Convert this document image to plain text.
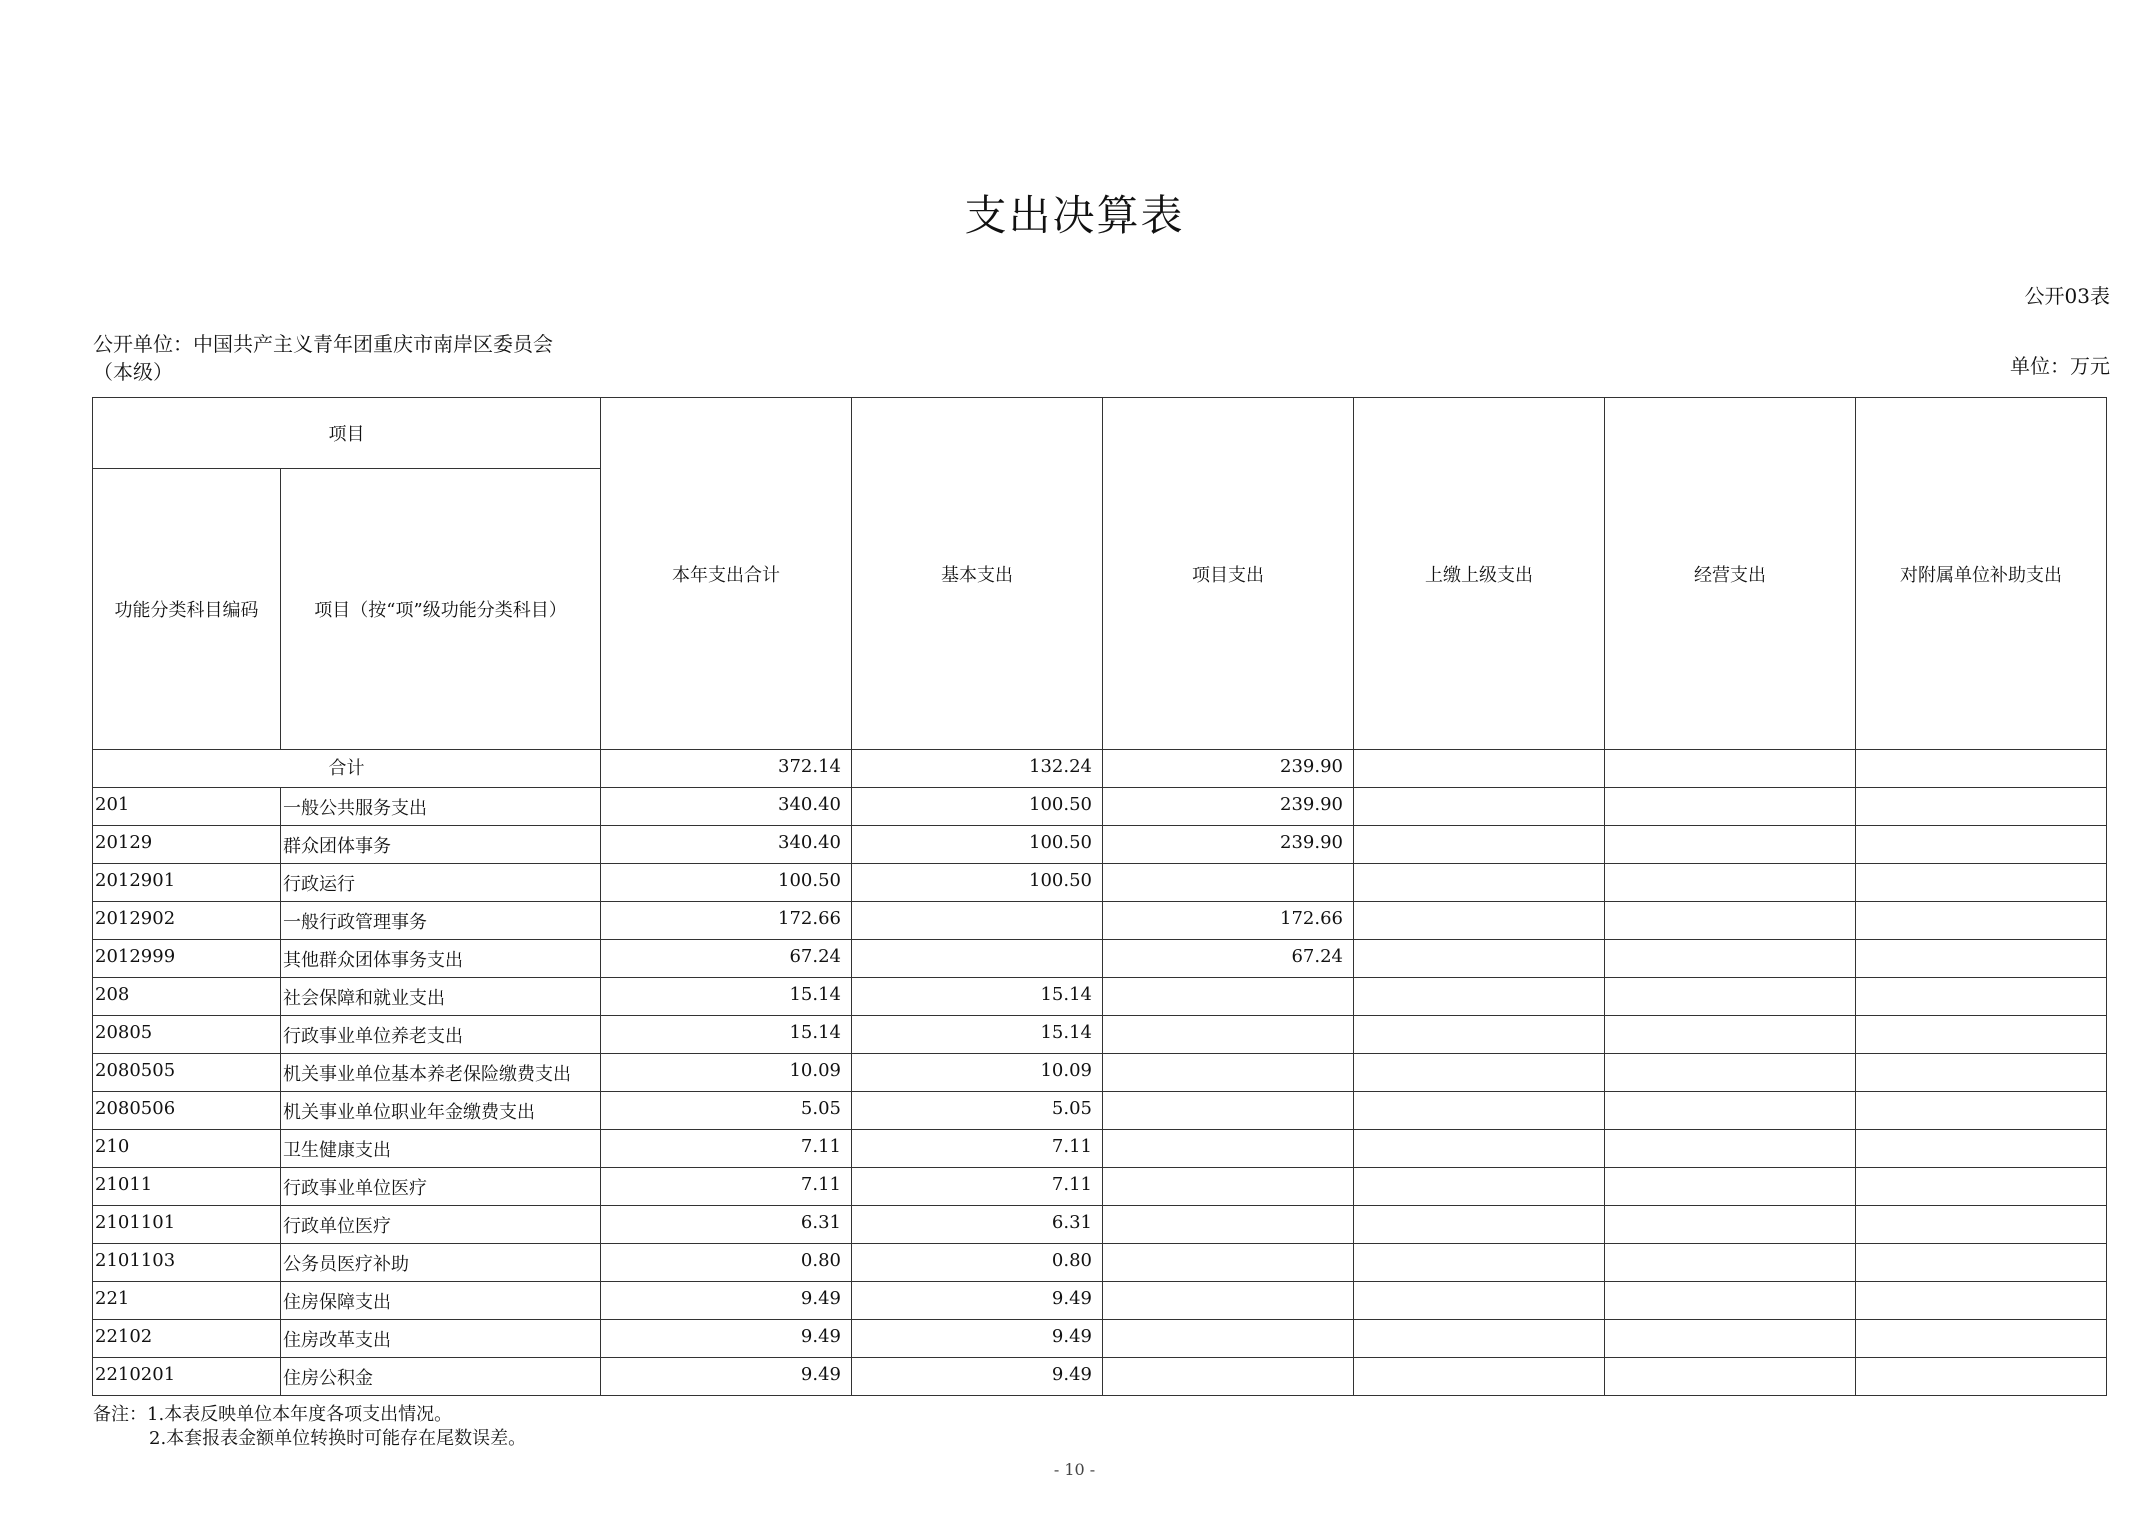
支出决算表
公开03表
公开单位：中国共产主义青年团重庆市南岸区委员会
（本级）	单位：万元
项目		本年支出合计	基本支出	项目支出	上缴上级支出	经营支出	对附属单位补助支出
功能分类科目编码	项目（按“项”级功能分类科目）						
合计		372.14	132.24	239.90			
201	一般公共服务支出	340.40	100.50	239.90			
20129	群众团体事务	340.40	100.50	239.90			
2012901	行政运行	100.50	100.50				
2012902	一般行政管理事务	172.66		172.66			
2012999	其他群众团体事务支出	67.24		67.24			
208	社会保障和就业支出	15.14	15.14				
20805	行政事业单位养老支出	15.14	15.14				
2080505	机关事业单位基本养老保险缴费支出	10.09	10.09				
2080506	机关事业单位职业年金缴费支出	5.05	5.05				
210	卫生健康支出	7.11	7.11				
21011	行政事业单位医疗	7.11	7.11				
2101101	行政单位医疗	6.31	6.31				
2101103	公务员医疗补助	0.80	0.80				
221	住房保障支出	9.49	9.49				
22102	住房改革支出	9.49	9.49				
2210201	住房公积金	9.49	9.49				
备注：1.本表反映单位本年度各项支出情况。
2.本套报表金额单位转换时可能存在尾数误差。
- 10 -
